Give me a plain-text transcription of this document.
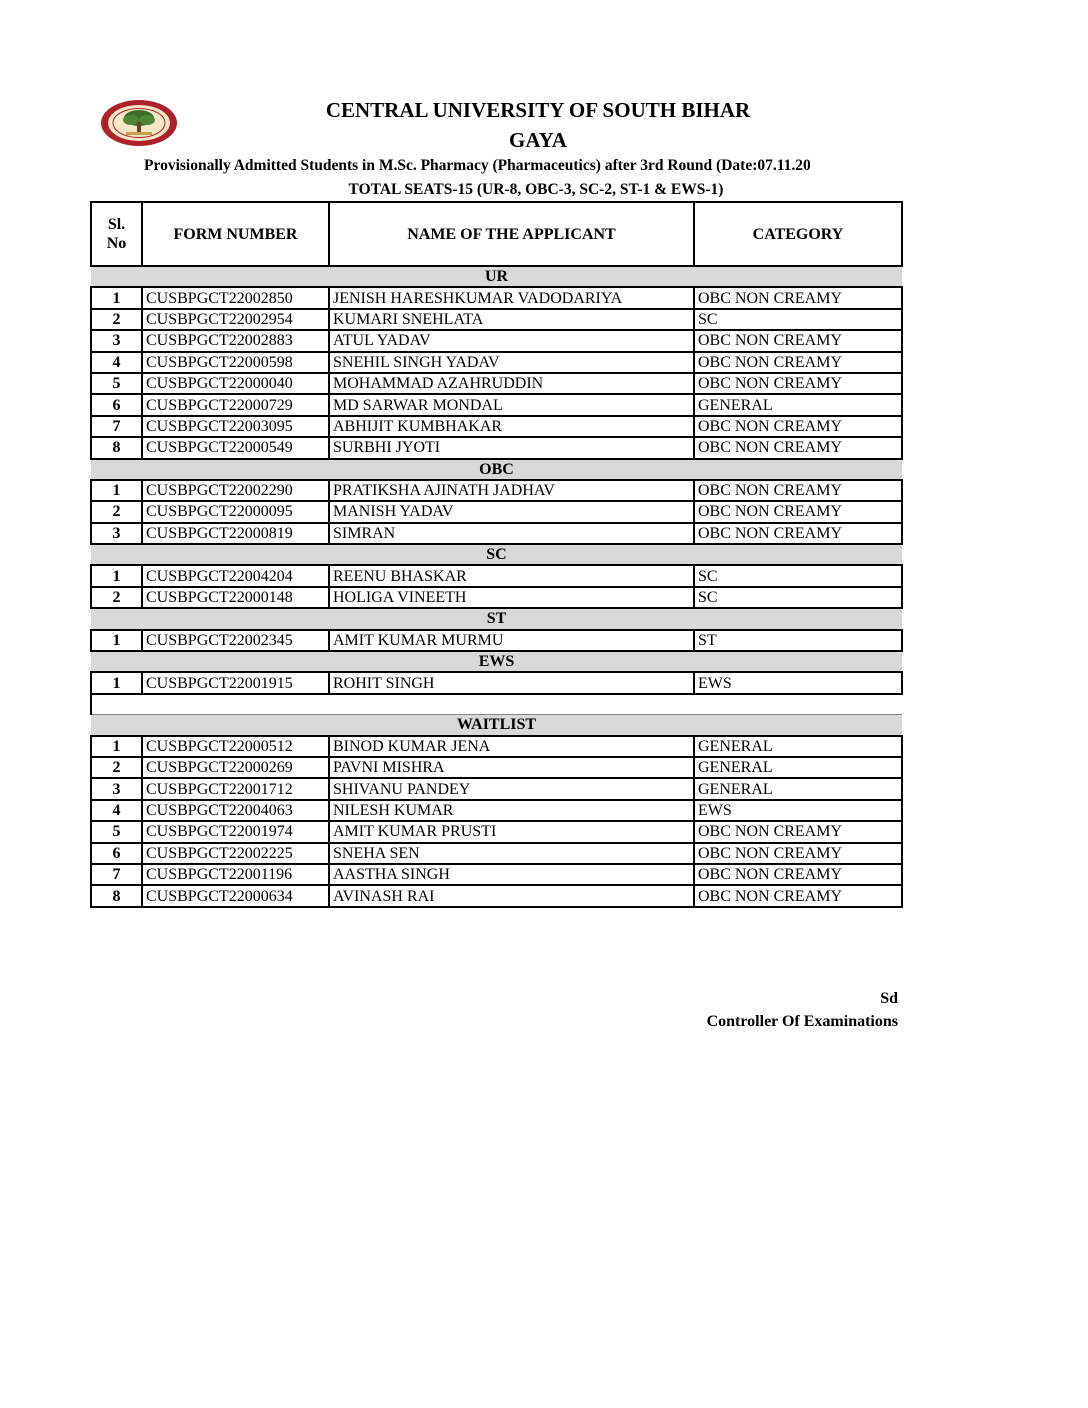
CENTRAL UNIVERSITY OF SOUTH BIHAR
GAYA
Provisionally Admitted Students in M.Sc. Pharmacy (Pharmaceutics) after 3rd Round (Date:07.11.20
TOTAL SEATS-15 (UR-8, OBC-3, SC-2, ST-1 & EWS-1)
Sl.
No	FORM NUMBER	NAME OF THE APPLICANT	CATEGORY
UR			
1	CUSBPGCT22002850	JENISH HARESHKUMAR VADODARIYA	OBC NON CREAMY
2	CUSBPGCT22002954	KUMARI SNEHLATA	SC
3	CUSBPGCT22002883	ATUL YADAV	OBC NON CREAMY
4	CUSBPGCT22000598	SNEHIL SINGH YADAV	OBC NON CREAMY
5	CUSBPGCT22000040	MOHAMMAD AZAHRUDDIN	OBC NON CREAMY
6	CUSBPGCT22000729	MD SARWAR MONDAL	GENERAL
7	CUSBPGCT22003095	ABHIJIT KUMBHAKAR	OBC NON CREAMY
8	CUSBPGCT22000549	SURBHI JYOTI	OBC NON CREAMY
OBC			
1	CUSBPGCT22002290	PRATIKSHA AJINATH JADHAV	OBC NON CREAMY
2	CUSBPGCT22000095	MANISH YADAV	OBC NON CREAMY
3	CUSBPGCT22000819	SIMRAN	OBC NON CREAMY
SC			
1	CUSBPGCT22004204	REENU BHASKAR	SC
2	CUSBPGCT22000148	HOLIGA VINEETH	SC
ST			
1	CUSBPGCT22002345	AMIT KUMAR MURMU	ST
EWS			
1	CUSBPGCT22001915	ROHIT SINGH	EWS

WAITLIST			
1	CUSBPGCT22000512	BINOD KUMAR JENA	GENERAL
2	CUSBPGCT22000269	PAVNI MISHRA	GENERAL
3	CUSBPGCT22001712	SHIVANU PANDEY	GENERAL
4	CUSBPGCT22004063	NILESH KUMAR	EWS
5	CUSBPGCT22001974	AMIT KUMAR PRUSTI	OBC NON CREAMY
6	CUSBPGCT22002225	SNEHA SEN	OBC NON CREAMY
7	CUSBPGCT22001196	AASTHA SINGH	OBC NON CREAMY
8	CUSBPGCT22000634	AVINASH RAI	OBC NON CREAMY
Sd
Controller Of Examinations
